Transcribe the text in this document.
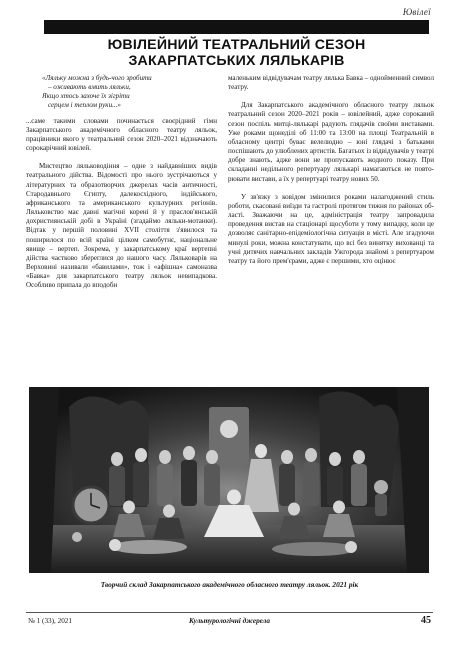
Ювілеї
ЮВІЛЕЙНИЙ ТЕАТРАЛЬНИЙ СЕЗОН
ЗАКАРПАТСЬКИХ ЛЯЛЬКАРІВ

«Ляльку можна з будь-чого зробити

– оживають вмить ляльки,

Якщо хтось захоче їх зігріти

серцем і теплом руки...»

...саме такими словами починається своєрідний гімн Закарпатського академічного обласного театру ляльок, працівники якого у театральний сезон 2020–2021 відзначають сорокарічний ювілей.

Мистецтво ляльководіння – одне з найдавніших видів театрального дійства. Відомості про нього зустрічаються у літературних та образотворчих джерелах часів античності, Стародавнього Єгипту, далекосхідного, індійського, африканського та американського культурних регіонів. Ляльковство має давні магічні корені й у праслов'янській дохристиянській добі в Україні (згадаймо ляльки-мотанки). Відтак у першій половині XVII століття з'явилося та поширилося по всій країні цілком самобутнє, національне явище – вертеп. Зокрема, у закарпатському краї вертепні дійства частково збереглися до нашого часу. Ляльковарів на Верховині називали «бавилами», тож і «афішна» самоназва «Бавка» для закарпатського театру ляльок невипадкова. Особливо припала до вподоби

маленьким відвідувачам театру лялька Бавка – однойменний символ театру.

Для Закарпатського академічного обласного театру ляльок театральний сезон 2020–2021 років – ювілейний, адже сорокавий сезон поспіль митці-лялькарі радують глядачів своїми виставами. Уже роками щонеділі об 11:00 та 13:00 на площі Театральній в обласному центрі буває велелюдно – юні глядачі з батьками поспішають до улюблених артистів. Багатьох із відвідувачів у театрі добре знають, адже вони не пропускають жодного показу. При складанні недільного репертуару лялькарі намагаються не повторювати вистави, а їх у репертуарі театру нових 50.

У зв'язку з ковідом змінилися роками налагоджений стиль роботи, скасовані виїзди та гастролі протягом тижня по районах області. Зважаючи на це, адміністрація театру запровадила проведення вистав на стаціонарі щосуботи у тому випадку, коли це дозволяє санітарно-епідеміологічна ситуація в місті. Але згадуючи минулі роки, можна констатувати, що всі без винятку вихованці та учні дитячих навчальних закладів Ужгорода знайомі з репертуаром театру та його прем'єрами, адже є першими, хто оцінює

Творчий склад Закарпатського академічного обласного театру ляльок. 2021 рік
№ 1 (33), 2021	Культурологічні джерела	45
